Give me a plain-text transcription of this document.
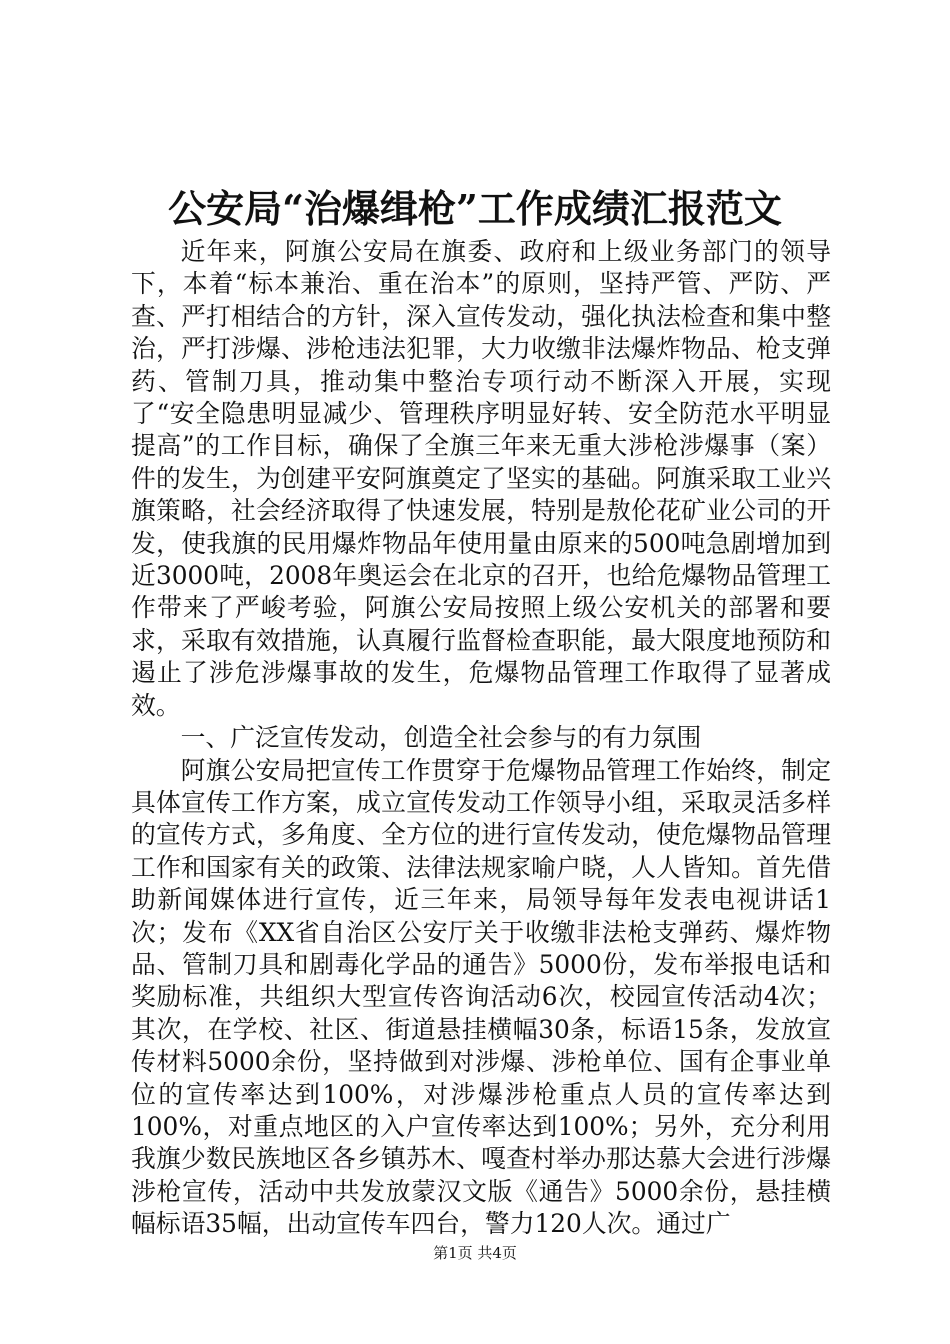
公安局“治爆缉枪”工作成绩汇报范文

近年来，阿旗公安局在旗委、政府和上级业务部门的领导下，本着“标本兼治、重在治本”的原则，坚持严管、严防、严查、严打相结合的方针，深入宣传发动，强化执法检查和集中整治，严打涉爆、涉枪违法犯罪，大力收缴非法爆炸物品、枪支弹药、管制刀具，推动集中整治专项行动不断深入开展，实现了“安全隐患明显减少、管理秩序明显好转、安全防范水平明显提高”的工作目标，确保了全旗三年来无重大涉枪涉爆事（案）件的发生，为创建平安阿旗奠定了坚实的基础。阿旗采取工业兴旗策略，社会经济取得了快速发展，特别是敖伦花矿业公司的开发，使我旗的民用爆炸物品年使用量由原来的500吨急剧增加到近3000吨，2008年奥运会在北京的召开，也给危爆物品管理工作带来了严峻考验，阿旗公安局按照上级公安机关的部署和要求，采取有效措施，认真履行监督检查职能，最大限度地预防和遏止了涉危涉爆事故的发生，危爆物品管理工作取得了显著成效。

一、广泛宣传发动，创造全社会参与的有力氛围

阿旗公安局把宣传工作贯穿于危爆物品管理工作始终，制定具体宣传工作方案，成立宣传发动工作领导小组，采取灵活多样的宣传方式，多角度、全方位的进行宣传发动，使危爆物品管理工作和国家有关的政策、法律法规家喻户晓，人人皆知。首先借助新闻媒体进行宣传，近三年来，局领导每年发表电视讲话1次；发布《XX省自治区公安厅关于收缴非法枪支弹药、爆炸物品、管制刀具和剧毒化学品的通告》5000份，发布举报电话和奖励标准，共组织大型宣传咨询活动6次，校园宣传活动4次；其次，在学校、社区、街道悬挂横幅30条，标语15条，发放宣传材料5000余份，坚持做到对涉爆、涉枪单位、国有企事业单位的宣传率达到100%，对涉爆涉枪重点人员的宣传率达到100%，对重点地区的入户宣传率达到100%；另外，充分利用我旗少数民族地区各乡镇苏木、嘎查村举办那达慕大会进行涉爆涉枪宣传，活动中共发放蒙汉文版《通告》5000余份，悬挂横幅标语35幅，出动宣传车四台，警力120人次。通过广

第1页 共4页
